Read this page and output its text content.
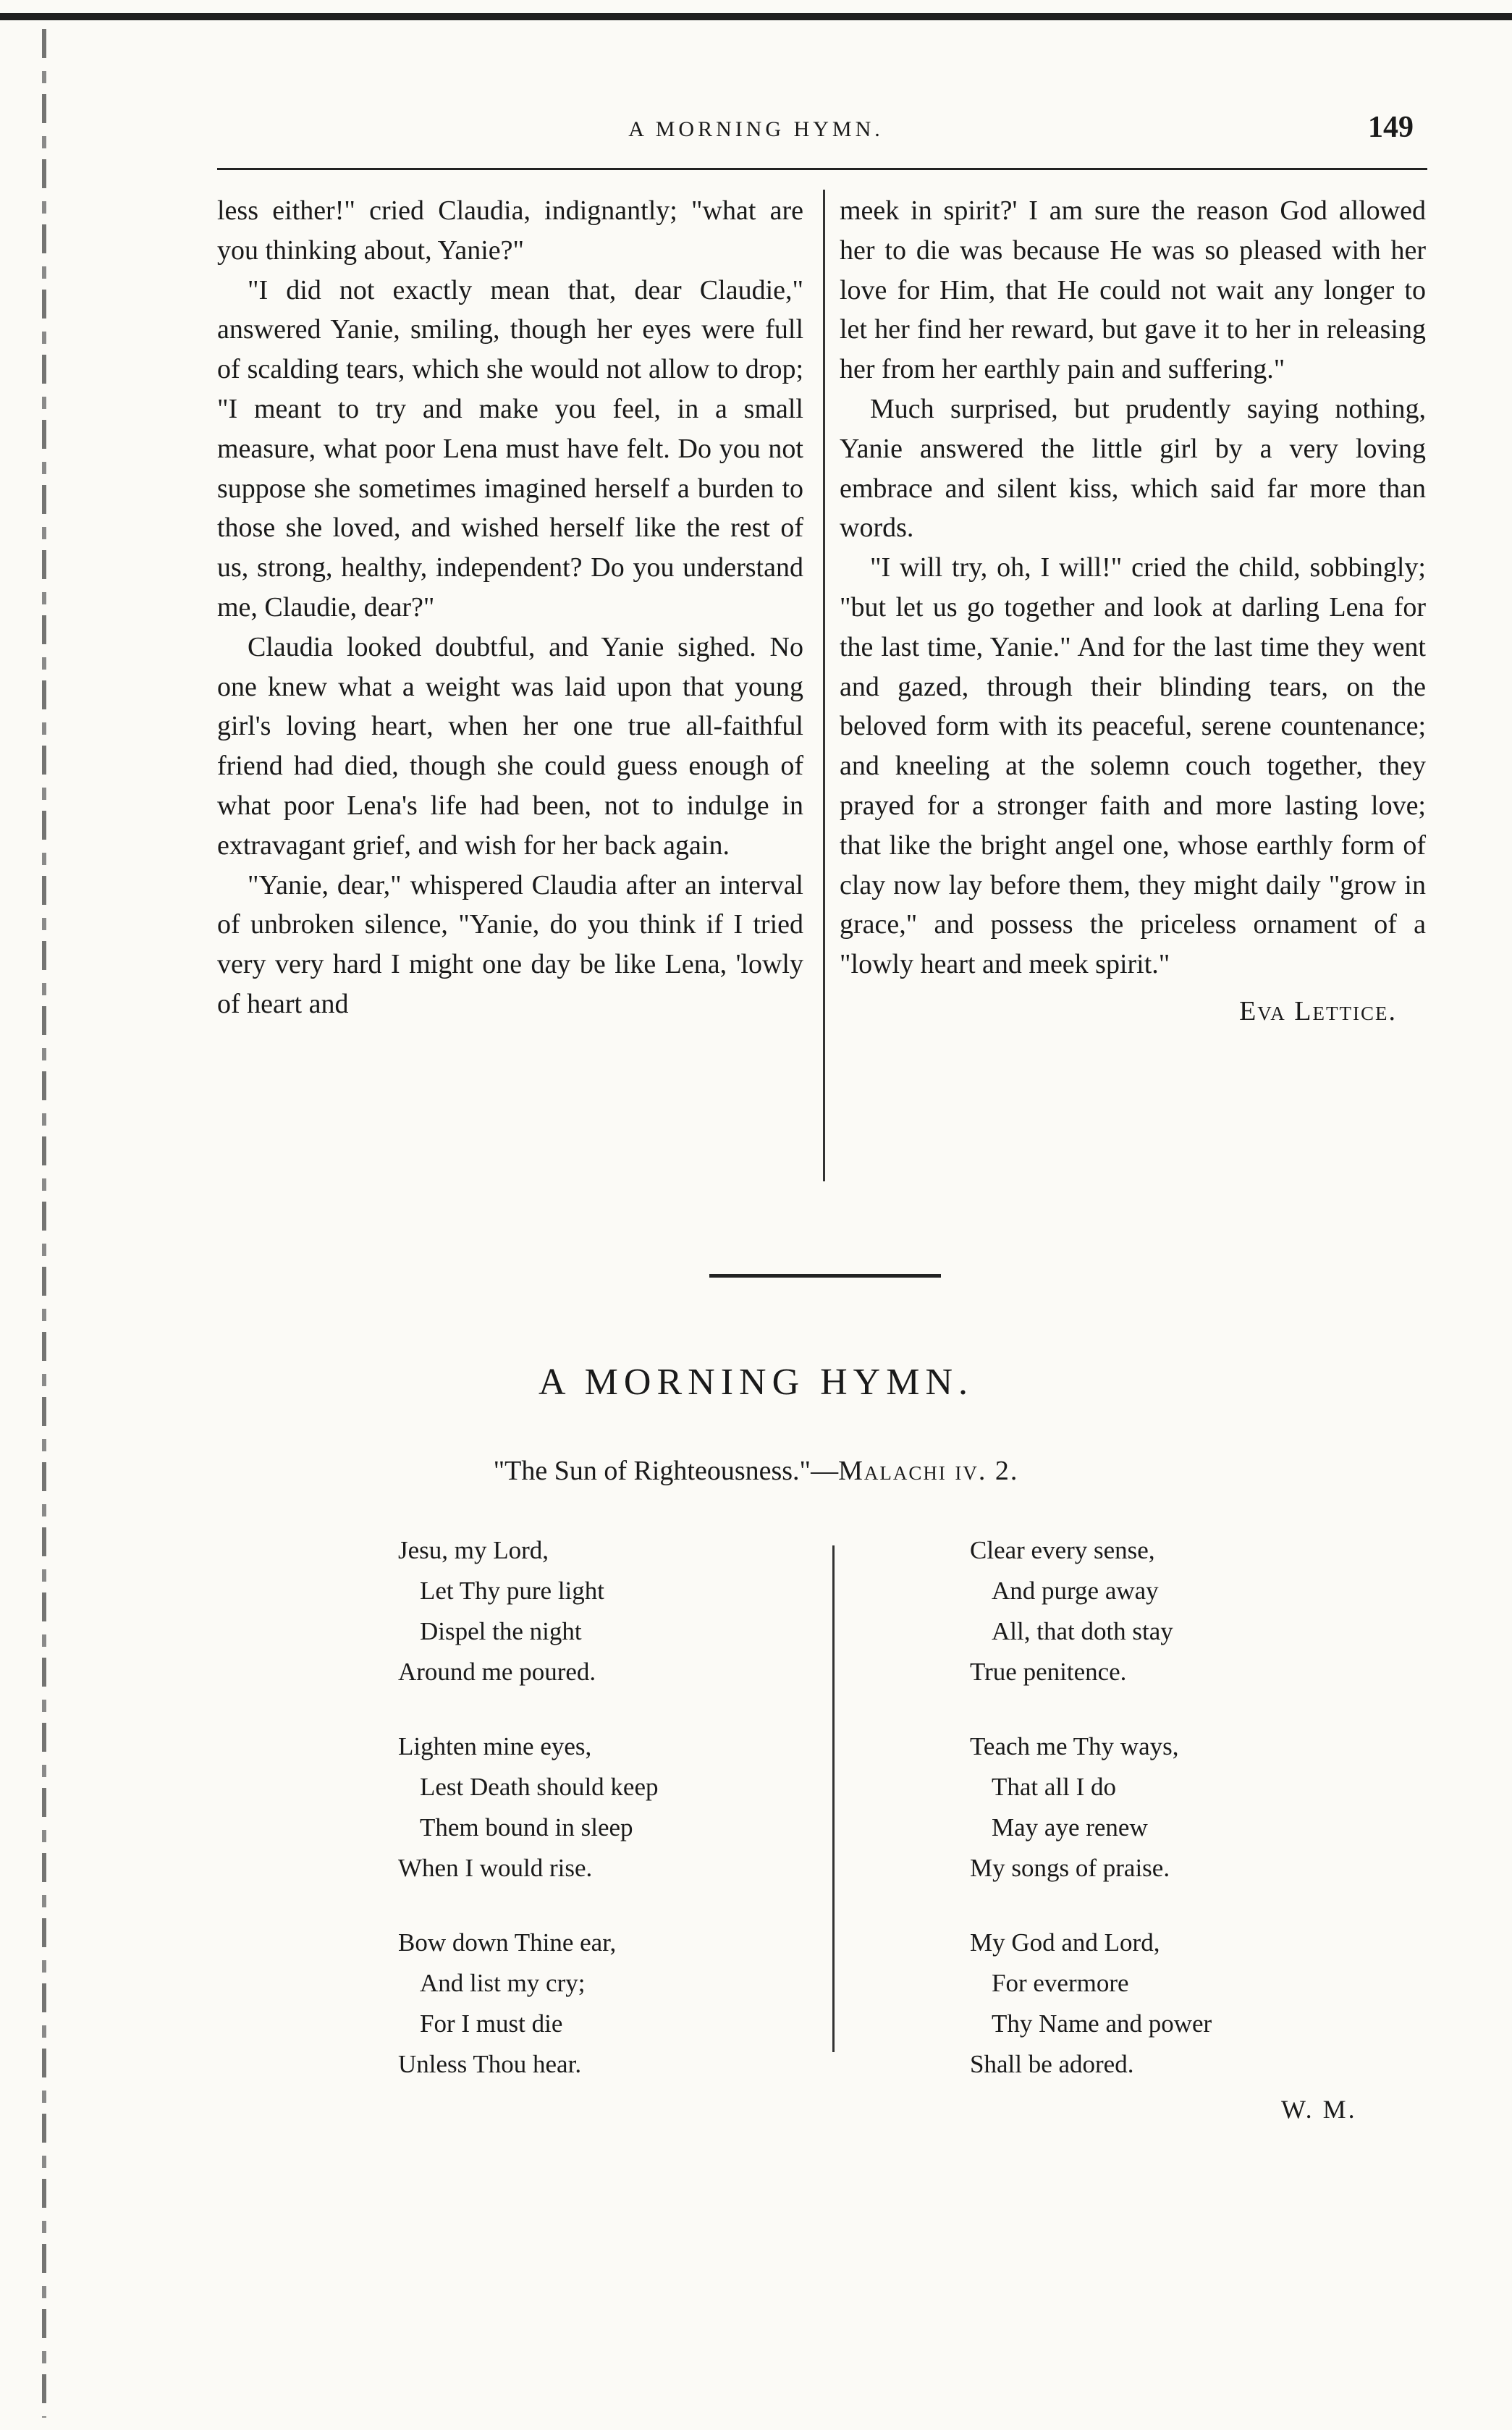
A MORNING HYMN.	149

less either!" cried Claudia, indignantly; "what are you thinking about, Yanie?"

"I did not exactly mean that, dear Claudie," answered Yanie, smiling, though her eyes were full of scalding tears, which she would not allow to drop; "I meant to try and make you feel, in a small measure, what poor Lena must have felt. Do you not suppose she sometimes imagined herself a burden to those she loved, and wished herself like the rest of us, strong, healthy, independent? Do you understand me, Claudie, dear?"

Claudia looked doubtful, and Yanie sighed. No one knew what a weight was laid upon that young girl's loving heart, when her one true all-faithful friend had died, though she could guess enough of what poor Lena's life had been, not to indulge in extravagant grief, and wish for her back again.

"Yanie, dear," whispered Claudia after an interval of unbroken silence, "Yanie, do you think if I tried very very hard I might one day be like Lena, 'lowly of heart and

meek in spirit?' I am sure the reason God allowed her to die was because He was so pleased with her love for Him, that He could not wait any longer to let her find her reward, but gave it to her in releasing her from her earthly pain and suffering."

Much surprised, but prudently saying nothing, Yanie answered the little girl by a very loving embrace and silent kiss, which said far more than words.

"I will try, oh, I will!" cried the child, sobbingly; "but let us go together and look at darling Lena for the last time, Yanie." And for the last time they went and gazed, through their blinding tears, on the beloved form with its peaceful, serene countenance; and kneeling at the solemn couch together, they prayed for a stronger faith and more lasting love; that like the bright angel one, whose earthly form of clay now lay before them, they might daily "grow in grace," and possess the priceless ornament of a "lowly heart and meek spirit."

Eva Lettice.

A MORNING HYMN.
"The Sun of Righteousness."—Malachi iv. 2.
Jesu, my Lord,
Let Thy pure light
Dispel the night
Around me poured.
Lighten mine eyes,
Lest Death should keep
Them bound in sleep
When I would rise.
Bow down Thine ear,
And list my cry;
For I must die
Unless Thou hear.
Clear every sense,
And purge away
All, that doth stay
True penitence.
Teach me Thy ways,
That all I do
May aye renew
My songs of praise.
My God and Lord,
For evermore
Thy Name and power
Shall be adored.
W. M.
